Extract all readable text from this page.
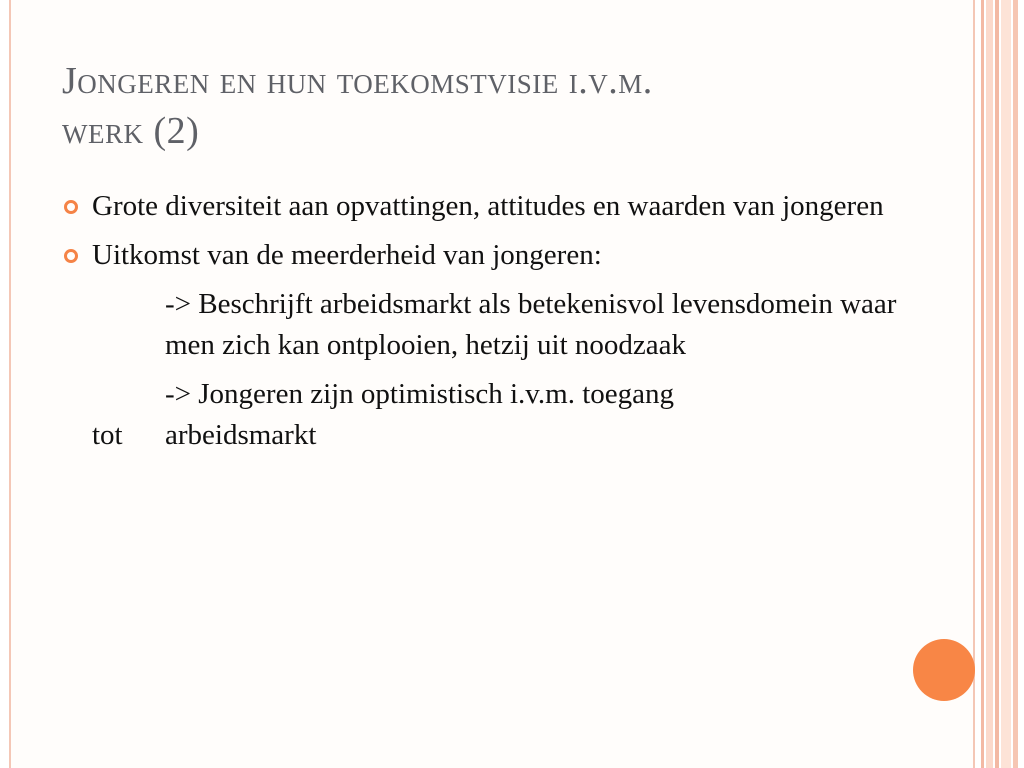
Jongeren en hun toekomstvisie i.v.m.
werk (2)
Grote diversiteit aan opvattingen, attitudes en waarden van jongeren
Uitkomst van de meerderheid van jongeren:
-> Beschrijft arbeidsmarkt als betekenisvol levensdomein waar men zich kan ontplooien, hetzij uit noodzaak
-> Jongeren zijn optimistisch i.v.m. toegang
tot arbeidsmarkt
